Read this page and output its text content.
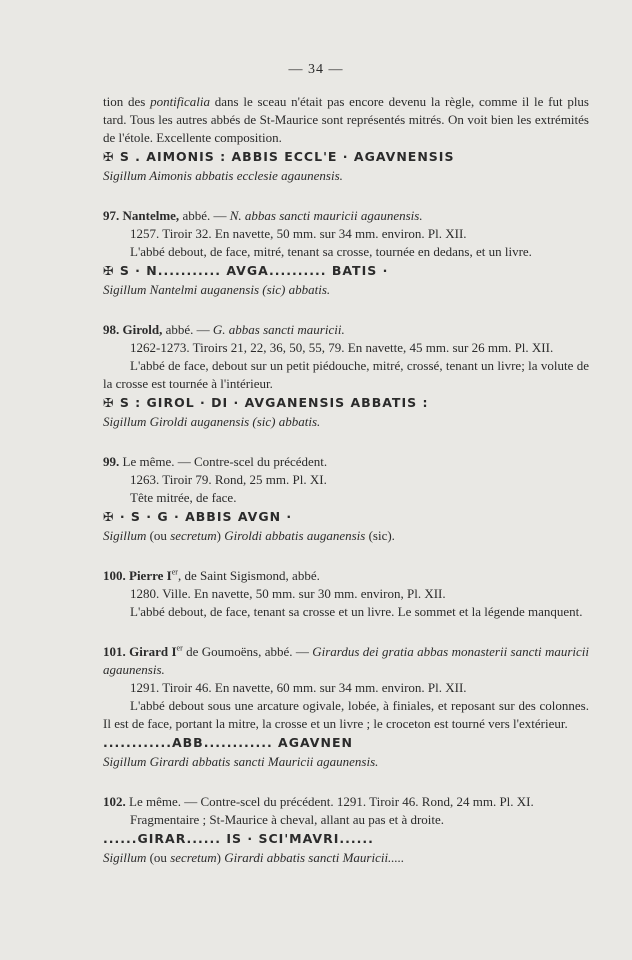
— 34 —

tion des pontificalia dans le sceau n'était pas encore devenu la règle, comme il le fut plus tard. Tous les autres abbés de St-Maurice sont représentés mitrés. On voit bien les extrémités de l'étole. Excellente composition.

✠ S . AIMONIS : ABBIS ECCL'E · AGAVNENSIS

Sigillum Aimonis abbatis ecclesie agaunensis.

97. Nantelme, abbé. — N. abbas sancti mauricii agaunensis.

1257. Tiroir 32. En navette, 50 mm. sur 34 mm. environ. Pl. XII.

L'abbé debout, de face, mitré, tenant sa crosse, tournée en dedans, et un livre.

✠ S · N........... AVGA.......... BATIS ·

Sigillum Nantelmi auganensis (sic) abbatis.

98. Girold, abbé. — G. abbas sancti mauricii.

1262-1273. Tiroirs 21, 22, 36, 50, 55, 79. En navette, 45 mm. sur 26 mm. Pl. XII.

L'abbé de face, debout sur un petit piédouche, mitré, crossé, tenant un livre; la volute de la crosse est tournée à l'intérieur.

✠ S : GIROL · DI · AVGANENSIS ABBATIS :

Sigillum Giroldi auganensis (sic) abbatis.

99. Le même. — Contre-scel du précédent.

1263. Tiroir 79. Rond, 25 mm. Pl. XI.

Tête mitrée, de face.

✠ · S · G · ABBIS AVGN ·

Sigillum (ou secretum) Giroldi abbatis auganensis (sic).

100. Pierre Ier, de Saint Sigismond, abbé.

1280. Ville. En navette, 50 mm. sur 30 mm. environ, Pl. XII.

L'abbé debout, de face, tenant sa crosse et un livre. Le sommet et la légende manquent.

101. Girard Ier de Goumoëns, abbé. — Girardus dei gratia abbas monasterii sancti mauricii agaunensis.

1291. Tiroir 46. En navette, 60 mm. sur 34 mm. environ. Pl. XII.

L'abbé debout sous une arcature ogivale, lobée, à finiales, et reposant sur des colonnes. Il est de face, portant la mitre, la crosse et un livre ; le croceton est tourné vers l'extérieur.

............ABB............ AGAVNEN

Sigillum Girardi abbatis sancti Mauricii agaunensis.

102. Le même. — Contre-scel du précédent. 1291. Tiroir 46. Rond, 24 mm. Pl. XI.

Fragmentaire ; St-Maurice à cheval, allant au pas et à droite.

......GIRAR...... IS · SCI'MAVRI......

Sigillum (ou secretum) Girardi abbatis sancti Mauricii.....
